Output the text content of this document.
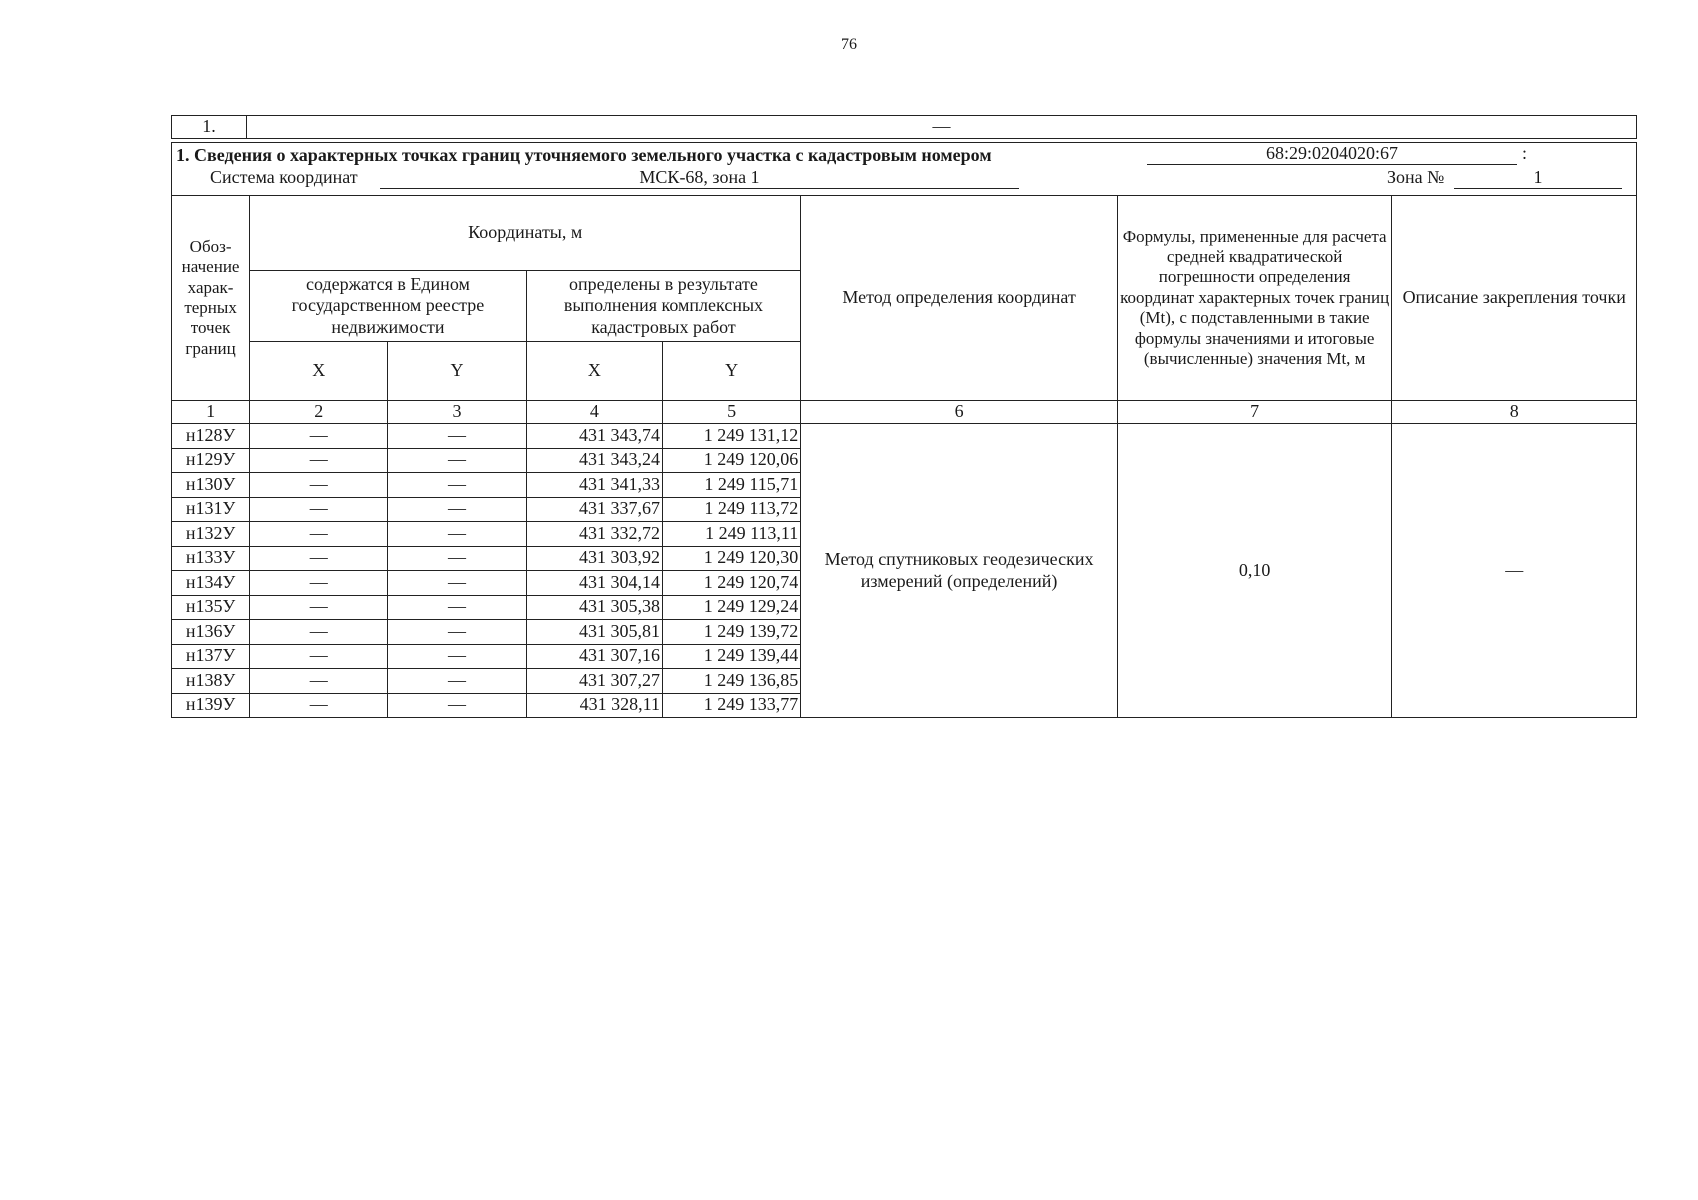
76
1.	—
1. Сведения о характерных точках границ уточняемого земельного участка с кадастровым номером	68:29:0204020:67	:
Система координат	МСК-68, зона 1	Зона №	1
Обоз-начение харак-терных точек границ	Координаты, м				Метод определения координат	Формулы, примененные для расчета средней квадратической погрешности определения координат характерных точек границ (Mt), с подставленными в такие формулы значениями и итоговые (вычисленные) значения Mt, м	Описание закрепления точки
	содержатся в Едином государственном реестре недвижимости		определены в результате выполнения комплексных кадастровых работ				
	X	Y	X	Y			
1	2	3	4	5	6	7	8
н128У	—	—	431 343,74	1 249 131,12	Метод спутниковых геодезических измерений (определений)	0,10	—
н129У	—	—	431 343,24	1 249 120,06			
н130У	—	—	431 341,33	1 249 115,71			
н131У	—	—	431 337,67	1 249 113,72			
н132У	—	—	431 332,72	1 249 113,11			
н133У	—	—	431 303,92	1 249 120,30			
н134У	—	—	431 304,14	1 249 120,74			
н135У	—	—	431 305,38	1 249 129,24			
н136У	—	—	431 305,81	1 249 139,72			
н137У	—	—	431 307,16	1 249 139,44			
н138У	—	—	431 307,27	1 249 136,85			
н139У	—	—	431 328,11	1 249 133,77			
